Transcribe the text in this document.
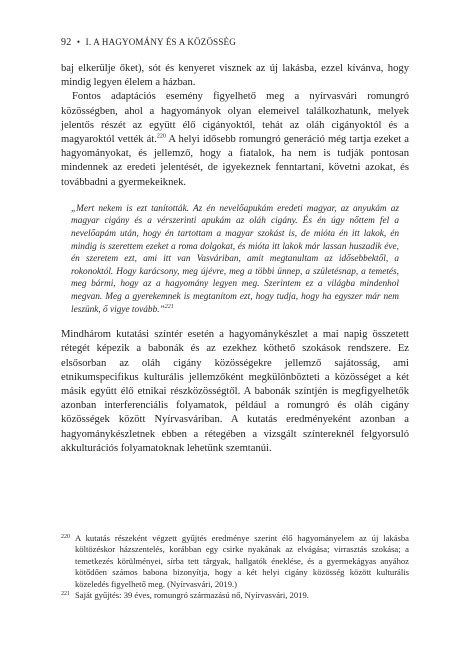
92 • I. A HAGYOMÁNY ÉS A KÖZÖSSÉG

baj elkerülje őket), sót és kenyeret visznek az új lakásba, ezzel kívánva, hogy mindig legyen élelem a házban.

Fontos adaptációs esemény figyelhető meg a nyírvasvári romungró közösségben, ahol a hagyományok olyan elemeivel találkozhatunk, melyek jelentős részét az együtt élő cigányoktól, tehát az oláh cigányoktól és a magyaroktól vették át.$^{220}$ A helyi idősebb romungró generáció még tartja ezeket a hagyományokat, és jellemző, hogy a fiatalok, ha nem is tudják pontosan mindennek az eredeti jelentését, de igyekeznek fenntartani, követni azokat, és továbbadni a gyermekeiknek.

„Mert nekem is ezt tanították. Az én nevelőapukám eredeti magyar, az anyukám az magyar cigány és a vérszerinti apukám az oláh cigány. És én úgy nőttem fel a nevelőapám után, hogy én tartottam a magyar szokást is, de mióta én itt lakok, én mindig is szerettem ezeket a roma dolgokat, és mióta itt lakok már lassan huszadik éve, én szeretem ezt, ami itt van Vasváriban, amit megtanultam az idősebbektől, a rokonoktól. Hogy karácsony, meg újévre, meg a többi ünnep, a születésnap, a temetés, meg bármi, hogy az a hagyomány legyen meg. Szerintem ez a világba mindenhol megvan. Meg a gyerekemnek is megtanítom ezt, hogy tudja, hogy ha egyszer már nem leszünk, ő vigye tovább.”$^{221}$

Mindhárom kutatási színtér esetén a hagyománykészlet a mai napig összetett rétegét képezik a babonák és az ezekhez köthető szokások rendszere. Ez elsősorban az oláh cigány közösségekre jellemző sajátosság, ami etnikumspecifikus kulturális jellemzőként megkülönbözteti a közösséget a két másik együtt élő etnikai részközösségtől. A babonák színtjén is megfigyelhetők azonban interferenciális folyamatok, például a romungró és oláh cigány közösségek között Nyírvasváriban. A kutatás eredményeként azonban a hagyománykészletnek ebben a rétegében a vizsgált színtereknél felgyorsuló akkulturációs folyamatoknak lehetünk szemtanúi.

220 A kutatás részeként végzett gyűjtés eredménye szerint élő hagyományelem az új lakásba költözéskor házszentelés, korábban egy csirke nyakának az elvágása; virrasztás szokása; a temetkezés körülményei, sírba tett tárgyak, hallgatók éneklése, és a gyermekágyas anyához kötődően számos babona bizonyítja, hogy a két helyi cigány közösség között kulturális közeledés figyelhető meg. (Nyírvasvári, 2019.)
221 Saját gyűjtés: 39 éves, romungró származású nő, Nyírvasvári, 2019.
